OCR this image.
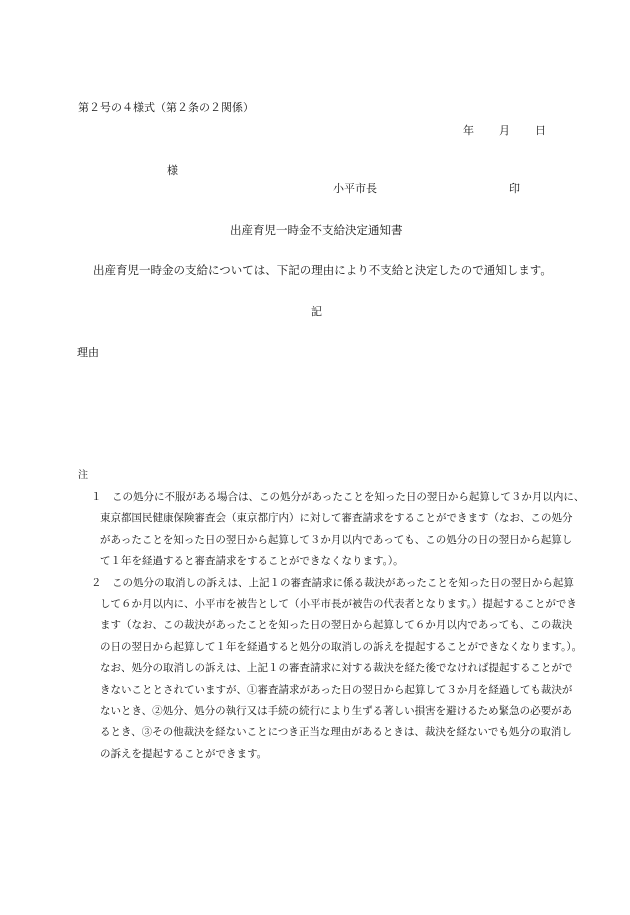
第２号の４様式（第２条の２関係）
年 月 日
様
小平市長	印
出産育児一時金不支給決定通知書
出産育児一時金の支給については、下記の理由により不支給と決定したので通知します。
記
理由
注
１	この処分に不服がある場合は、この処分があったことを知った日の翌日から起算して３か月以内に、
東京都国民健康保険審査会（東京都庁内）に対して審査請求をすることができます（なお、この処分
があったことを知った日の翌日から起算して３か月以内であっても、この処分の日の翌日から起算し
て１年を経過すると審査請求をすることができなくなります。）。
２	この処分の取消しの訴えは、上記１の審査請求に係る裁決があったことを知った日の翌日から起算
して６か月以内に、小平市を被告として（小平市長が被告の代表者となります。）提起することができ
ます（なお、この裁決があったことを知った日の翌日から起算して６か月以内であっても、この裁決
の日の翌日から起算して１年を経過すると処分の取消しの訴えを提起することができなくなります。）。
なお、処分の取消しの訴えは、上記１の審査請求に対する裁決を経た後でなければ提起することがで
きないこととされていますが、①審査請求があった日の翌日から起算して３か月を経過しても裁決が
ないとき、②処分、処分の執行又は手続の続行により生ずる著しい損害を避けるため緊急の必要があ
るとき、③その他裁決を経ないことにつき正当な理由があるときは、裁決を経ないでも処分の取消し
の訴えを提起することができます。
